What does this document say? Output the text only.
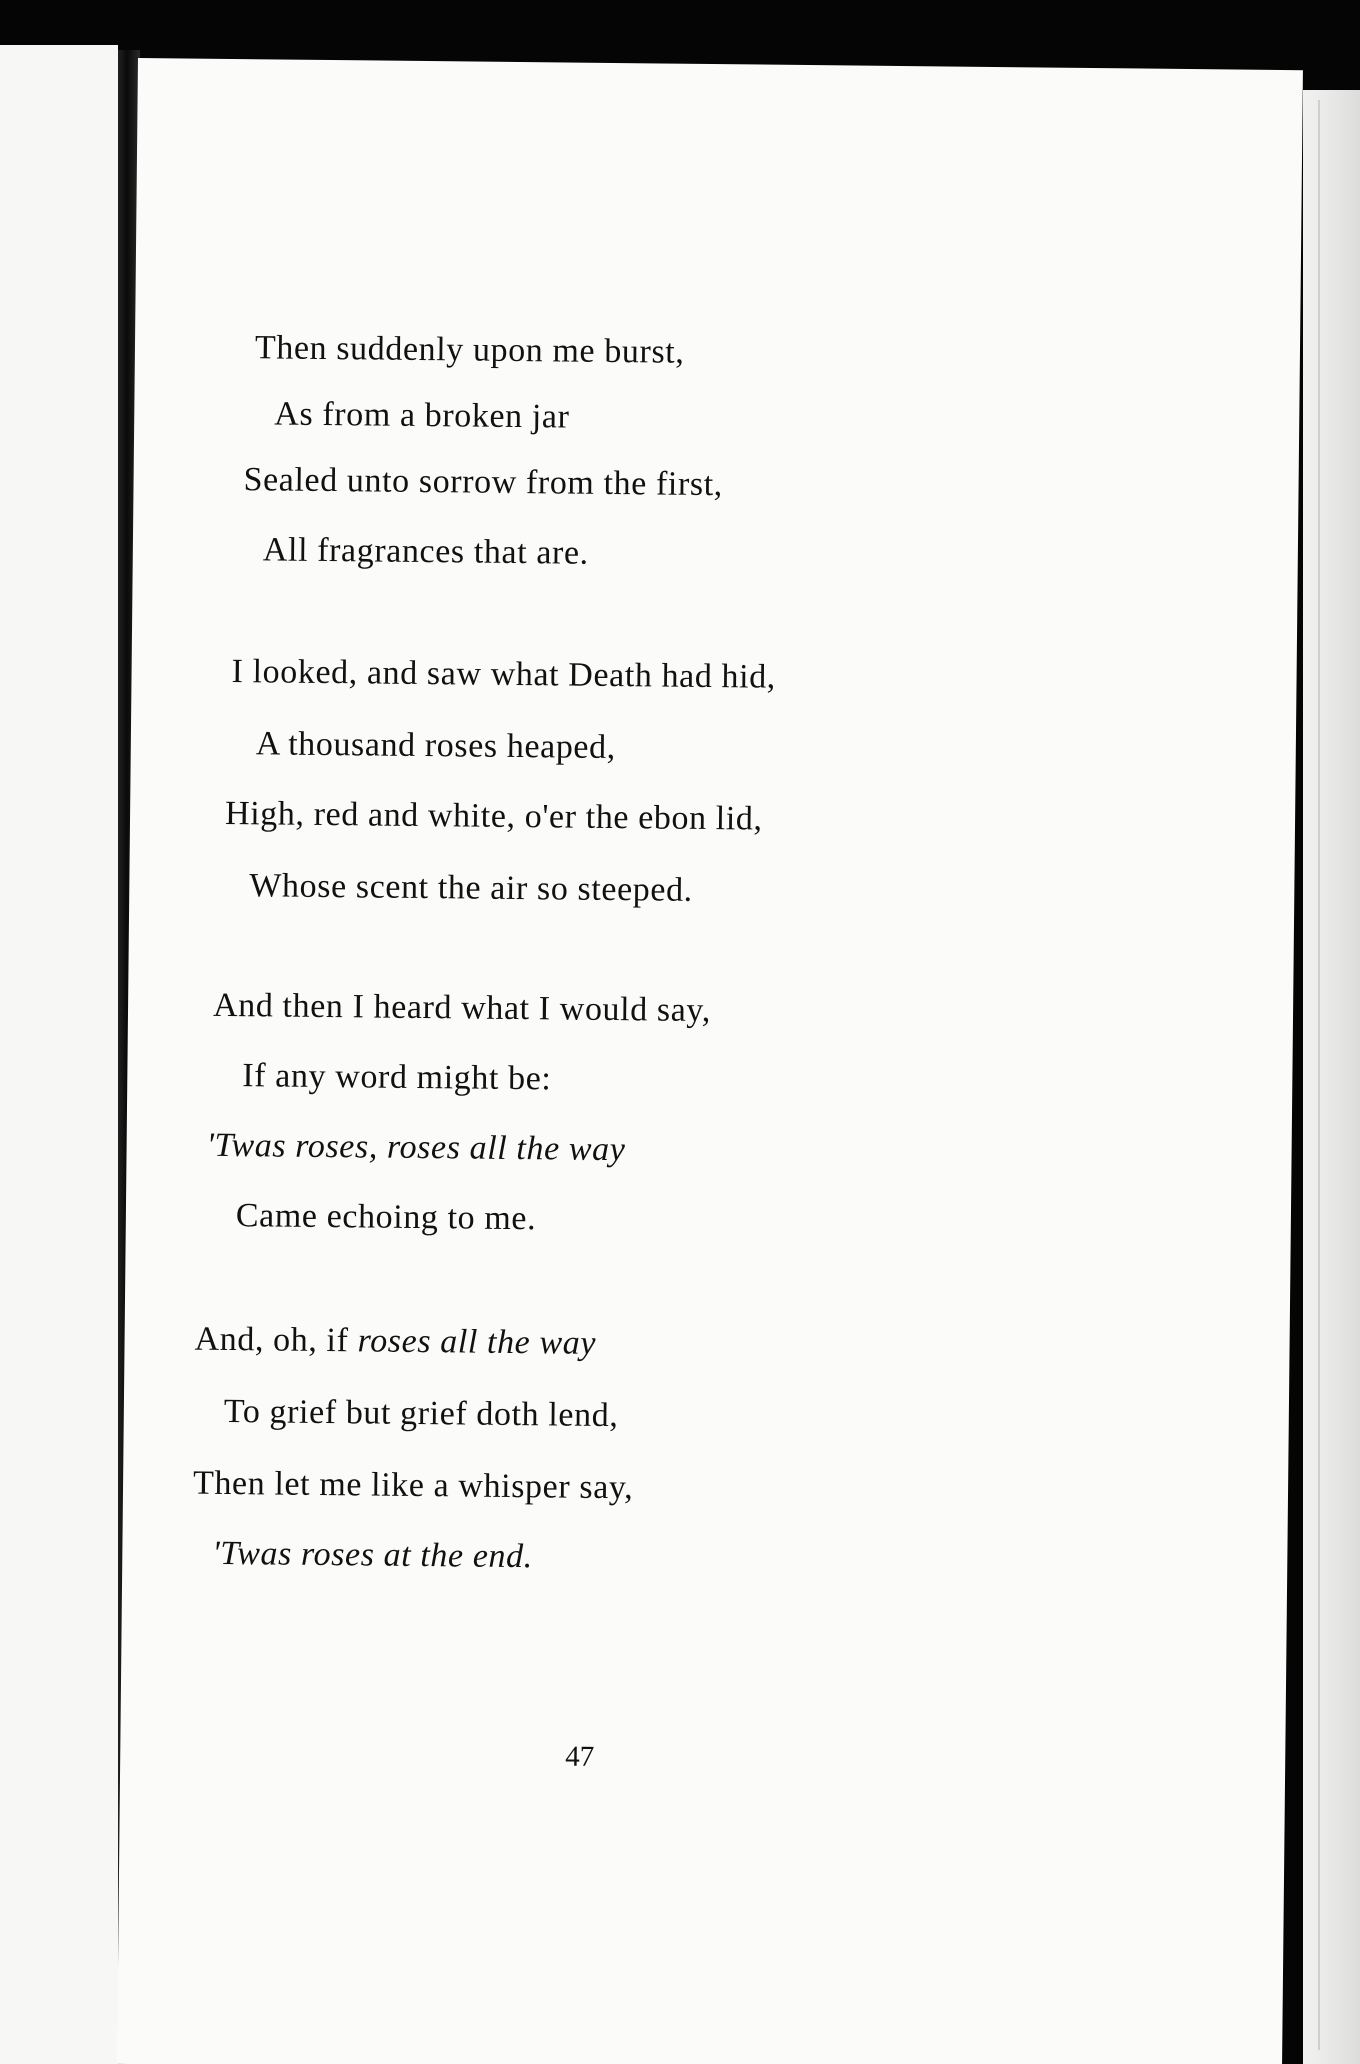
Then suddenly upon me burst,
As from a broken jar
Sealed unto sorrow from the first,
All fragrances that are.
I looked, and saw what Death had hid,
A thousand roses heaped,
High, red and white, o'er the ebon lid,
Whose scent the air so steeped.
And then I heard what I would say,
If any word might be:
'Twas roses, roses all the way
Came echoing to me.
And, oh, if roses all the way
To grief but grief doth lend,
Then let me like a whisper say,
'Twas roses at the end.
47
